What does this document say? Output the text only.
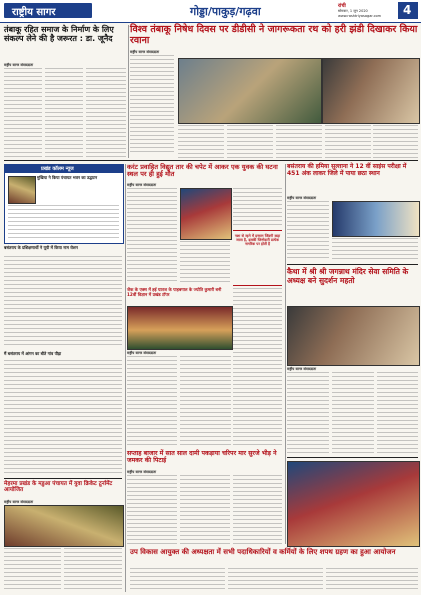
राष्ट्रीय सागर	गोड्डा/पाकुड़/गढ़वा	रांची
सोमवार, 1 जून 2020
www.rashtriyasagar.com 4
तंबाकू रहित समाज के निर्माण के लिए संकल्प लेने की है जरूरत : डा. जूनैद
राष्ट्रीय सागर संवाददाता
विश्व तंबाकू निषेध दिवस पर डीडीसी ने जागरूकता रथ को हरी झंडी दिखाकर किया रवाना
राष्ट्रीय सागर संवाददाता
प्रखंड कॉलम न्यूज
मुखिया ने किया पंचायत भवन का उद्घाटन
बसंतराय के प्रशिक्षणार्थी ने यूपी में किया नाम रोशन
मैं बसंतराय में आंगन का बीते गांव पीड़ा
करंट प्रवाहित विद्युत तार की चपेट में आकर एक युवक की घटना स्थल पर ही हुई मौत
राष्ट्रीय सागर संवाददाता
नशा से रहने में इन्सान जिंदगी कहा जाता है, इसकी जिम्मेदारी प्रत्येक नागरिक पर होती है
जैक के एक्स में हई यातज के पाहबगाल के ज्योति कुमारी बनी 12वीं विज्ञान में प्रखंड टॉपर
राष्ट्रीय सागर संवाददाता
सप्ताह बाजार में सात साल दामी पकड़ाया चरिपर मार सुरजे भीड़ ने जमकर की पिटाई
राष्ट्रीय सागर संवाददाता
बसंतराय की हमिया सुल्ताना ने 12 वीं साइंस परीक्षा में 451 अंक लाकर जिले में पाया छठा स्थान
राष्ट्रीय सागर संवाददाता
कैथा में श्री श्री जगन्नाथ मंदिर सेवा समिति के अध्यक्ष बने सुदर्शन महतो
राष्ट्रीय सागर संवाददाता
मेहरमा प्रखंड के मडुआ पंचायत में युवा क्रिकेट टूर्नामेंट आयोजित
राष्ट्रीय सागर संवाददाता
उप विकास आयुक्त की अध्यक्षता में सभी पदाधिकारियों व कर्मियों के लिए शपथ ग्रहण का हुआ आयोजन
